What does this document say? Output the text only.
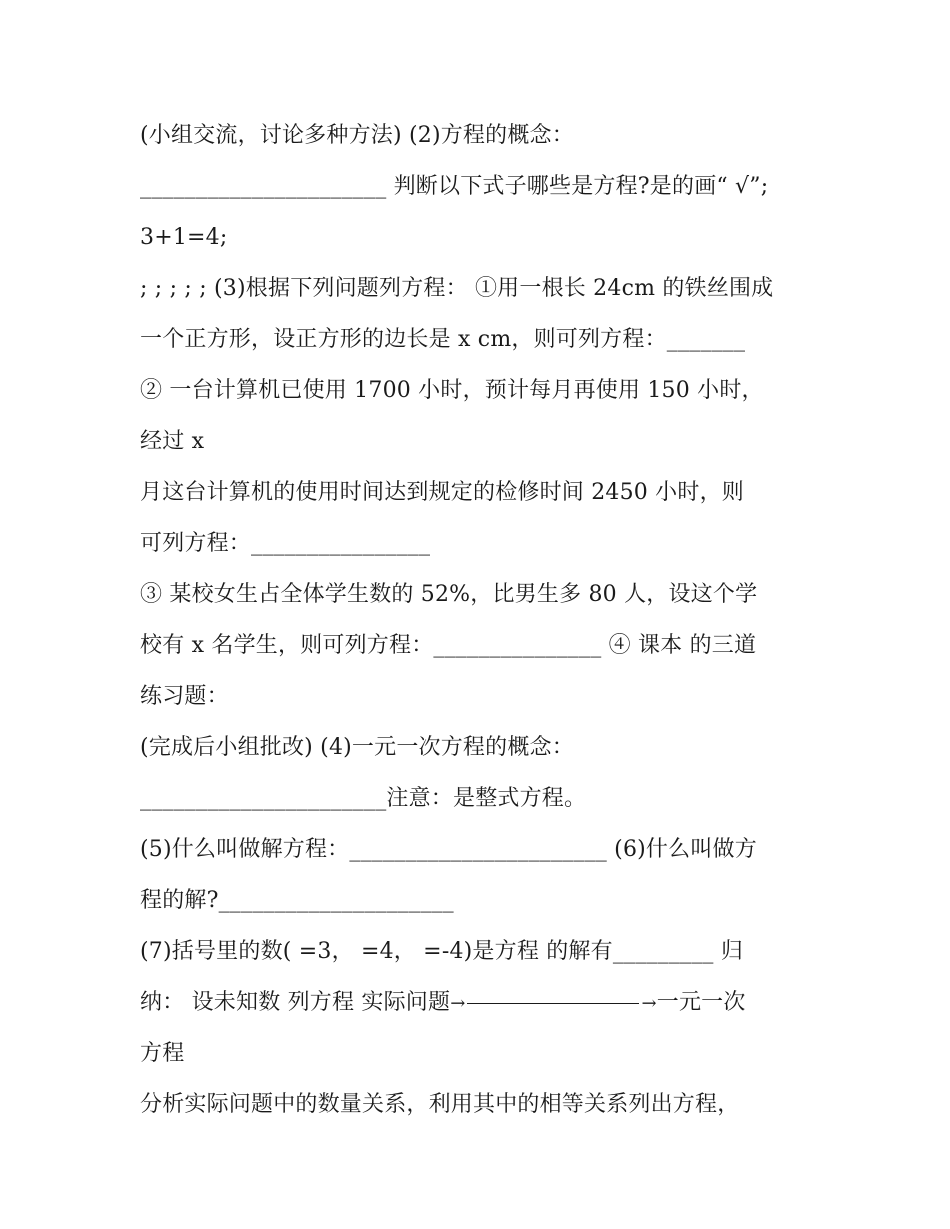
(小组交流，讨论多种方法) (2)方程的概念：
______________________ 判断以下式子哪些是方程?是的画“ √”;
3+1=4;
; ; ; ; ; (3)根据下列问题列方程： ①用一根长 24cm 的铁丝围成
一个正方形，设正方形的边长是 x cm，则可列方程：_______
② 一台计算机已使用 1700 小时，预计每月再使用 150 小时，
经过 x
月这台计算机的使用时间达到规定的检修时间 2450 小时，则
可列方程：________________
③ 某校女生占全体学生数的 52%，比男生多 80 人，设这个学
校有 x 名学生，则可列方程：_______________ ④ 课本 的三道
练习题：
(完成后小组批改) (4)一元一次方程的概念：
______________________注意：是整式方程。
(5)什么叫做解方程：_______________________ (6)什么叫做方
程的解?_____________________
(7)括号里的数( =3， =4， =-4)是方程 的解有_________ 归
纳： 设未知数 列方程 实际问题→	→一元一次
方程
分析实际问题中的数量关系，利用其中的相等关系列出方程，
